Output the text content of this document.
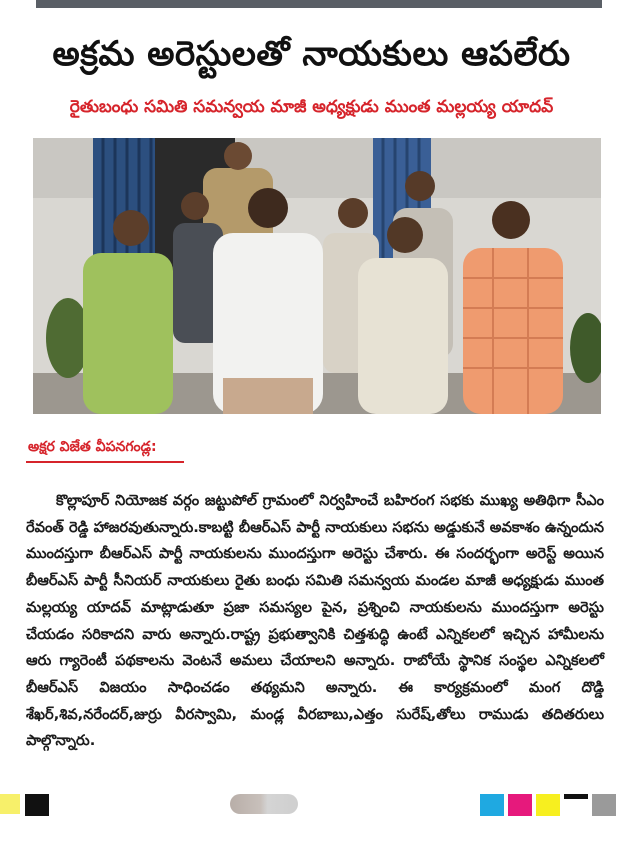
అక్రమ అరెస్టులతో నాయకులు ఆపలేరు
రైతుబంధు సమితి సమన్వయ మాజీ అధ్యక్షుడు ముంత మల్లయ్య యాదవ్
అక్షర విజేత వీపనగండ్ల:

కొల్లాపూర్ నియోజక వర్గం జట్టుపోల్ గ్రామంలో నిర్వహించే బహిరంగ సభకు ముఖ్య అతిథిగా సీఎం రేవంత్ రెడ్డి హాజరవుతున్నారు.కాబట్టి బీఆర్ఎస్ పార్టీ నాయకులు సభను అడ్డుకునే అవకాశం ఉన్నందున ముందస్తుగా బీఆర్ఎస్ పార్టీ నాయకులను ముందస్తుగా అరెస్టు చేశారు. ఈ సందర్భంగా అరెస్ట్ అయిన బీఆర్ఎస్ పార్టీ సీనియర్ నాయకులు రైతు బంధు సమితి సమన్వయ మండల మాజీ అధ్యక్షుడు ముంత మల్లయ్య యాదవ్ మాట్లాడుతూ ప్రజా సమస్యల పైన, ప్రశ్నించి నాయకులను ముందస్తుగా అరెస్టు చేయడం సరికాదని వారు అన్నారు.రాష్ట్ర ప్రభుత్వానికి చిత్తశుద్ధి ఉంటే ఎన్నికలలో ఇచ్చిన హామీలను ఆరు గ్యారెంటీ పథకాలను వెంటనే అమలు చేయాలని అన్నారు. రాబోయే స్థానిక సంస్థల ఎన్నికలలో బీఆర్ఎస్ విజయం సాధించడం తథ్యమని అన్నారు. ఈ కార్యక్రమంలో మంగ దొడ్డి శేఖర్,శివ,నరేందర్,జుర్రు వీరస్వామి, మండ్ల వీరబాబు,ఎత్తం సురేష్,తోలు రాముడు తదితరులు పాల్గొన్నారు.
